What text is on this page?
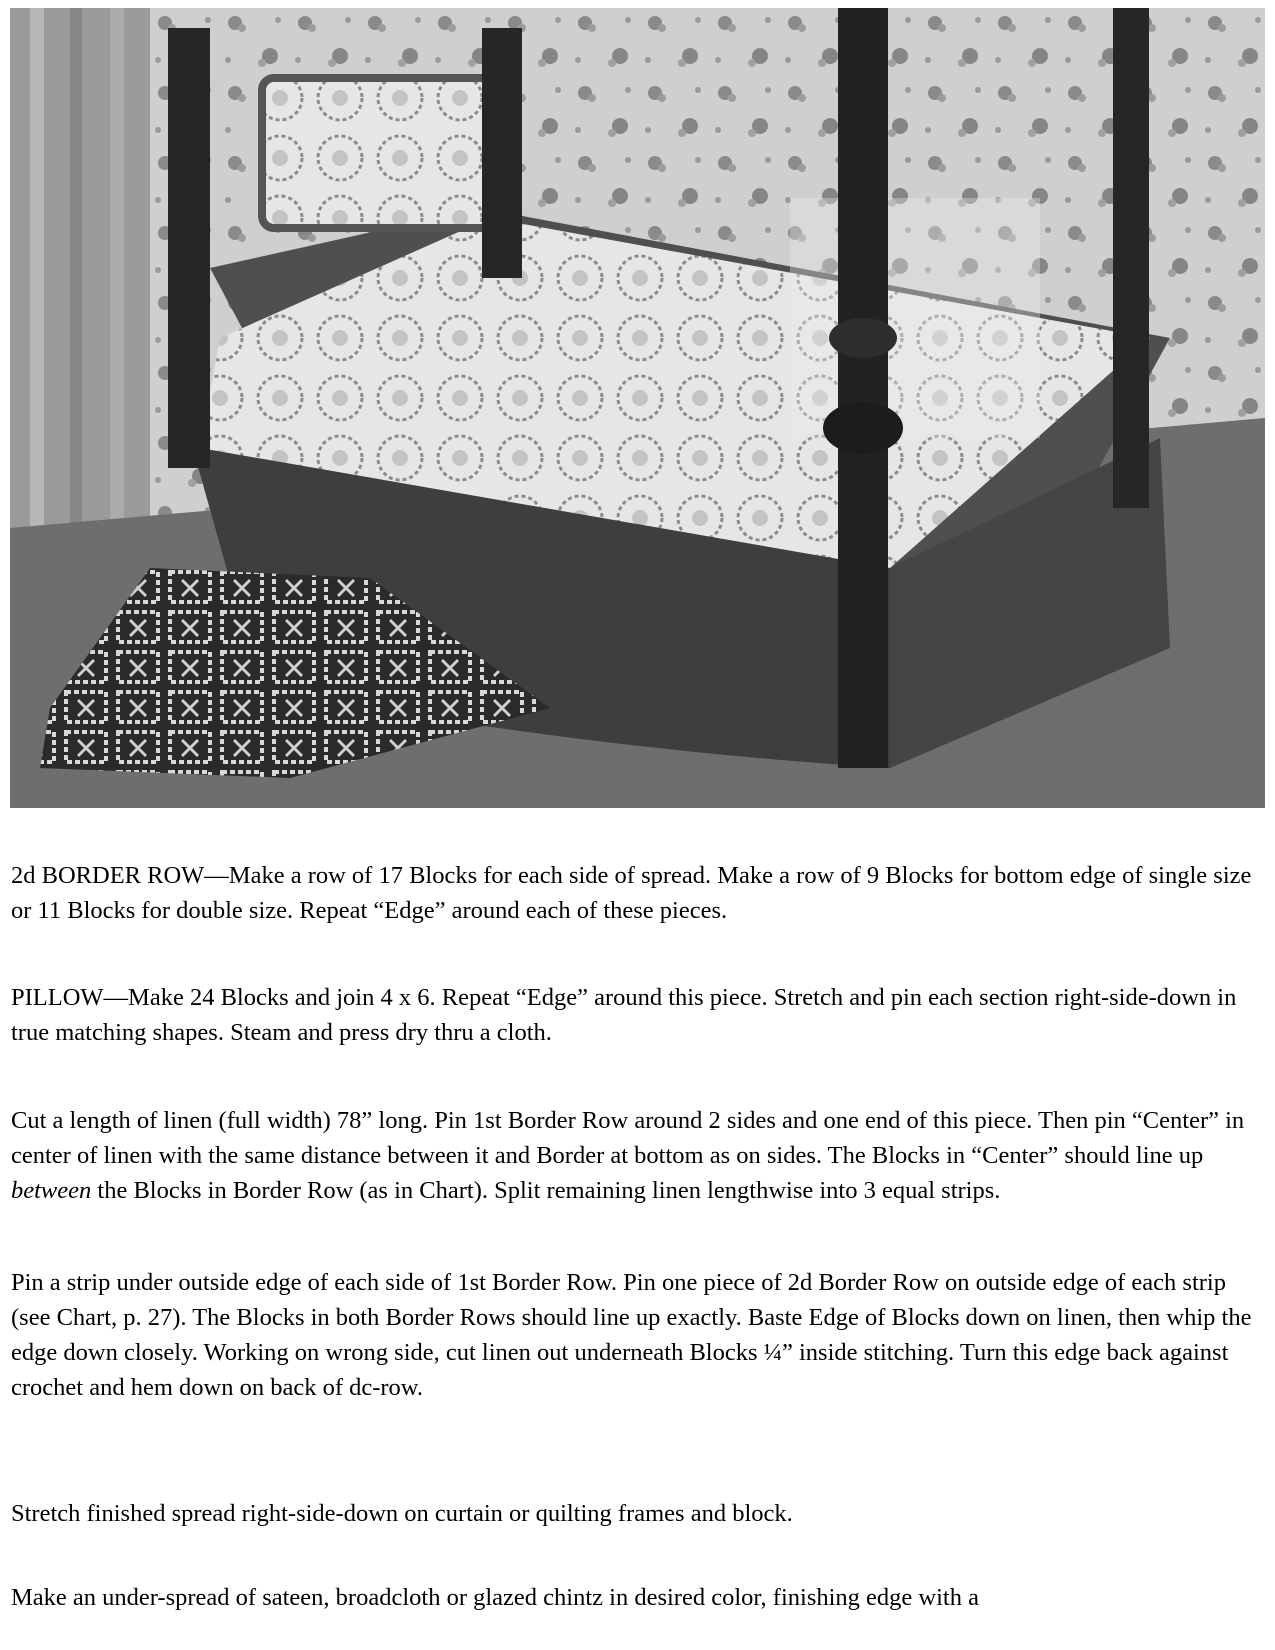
2d BORDER ROW—Make a row of 17 Blocks for each side of spread. Make a row of 9 Blocks for bottom edge of single size or 11 Blocks for double size. Repeat “Edge” around each of these pieces.

PILLOW—Make 24 Blocks and join 4 x 6. Repeat “Edge” around this piece. Stretch and pin each section right-side-down in true matching shapes. Steam and press dry thru a cloth.

Cut a length of linen (full width) 78” long. Pin 1st Border Row around 2 sides and one end of this piece. Then pin “Center” in center of linen with the same distance between it and Border at bottom as on sides. The Blocks in “Center” should line up between the Blocks in Border Row (as in Chart). Split remaining linen lengthwise into 3 equal strips.

Pin a strip under outside edge of each side of 1st Border Row. Pin one piece of 2d Border Row on outside edge of each strip (see Chart, p. 27). The Blocks in both Border Rows should line up exactly. Baste Edge of Blocks down on linen, then whip the edge down closely. Working on wrong side, cut linen out underneath Blocks ¼” inside stitching. Turn this edge back against crochet and hem down on back of dc-row.

Stretch finished spread right-side-down on curtain or quilting frames and block.

Make an under-spread of sateen, broadcloth or glazed chintz in desired color, finishing edge with a
